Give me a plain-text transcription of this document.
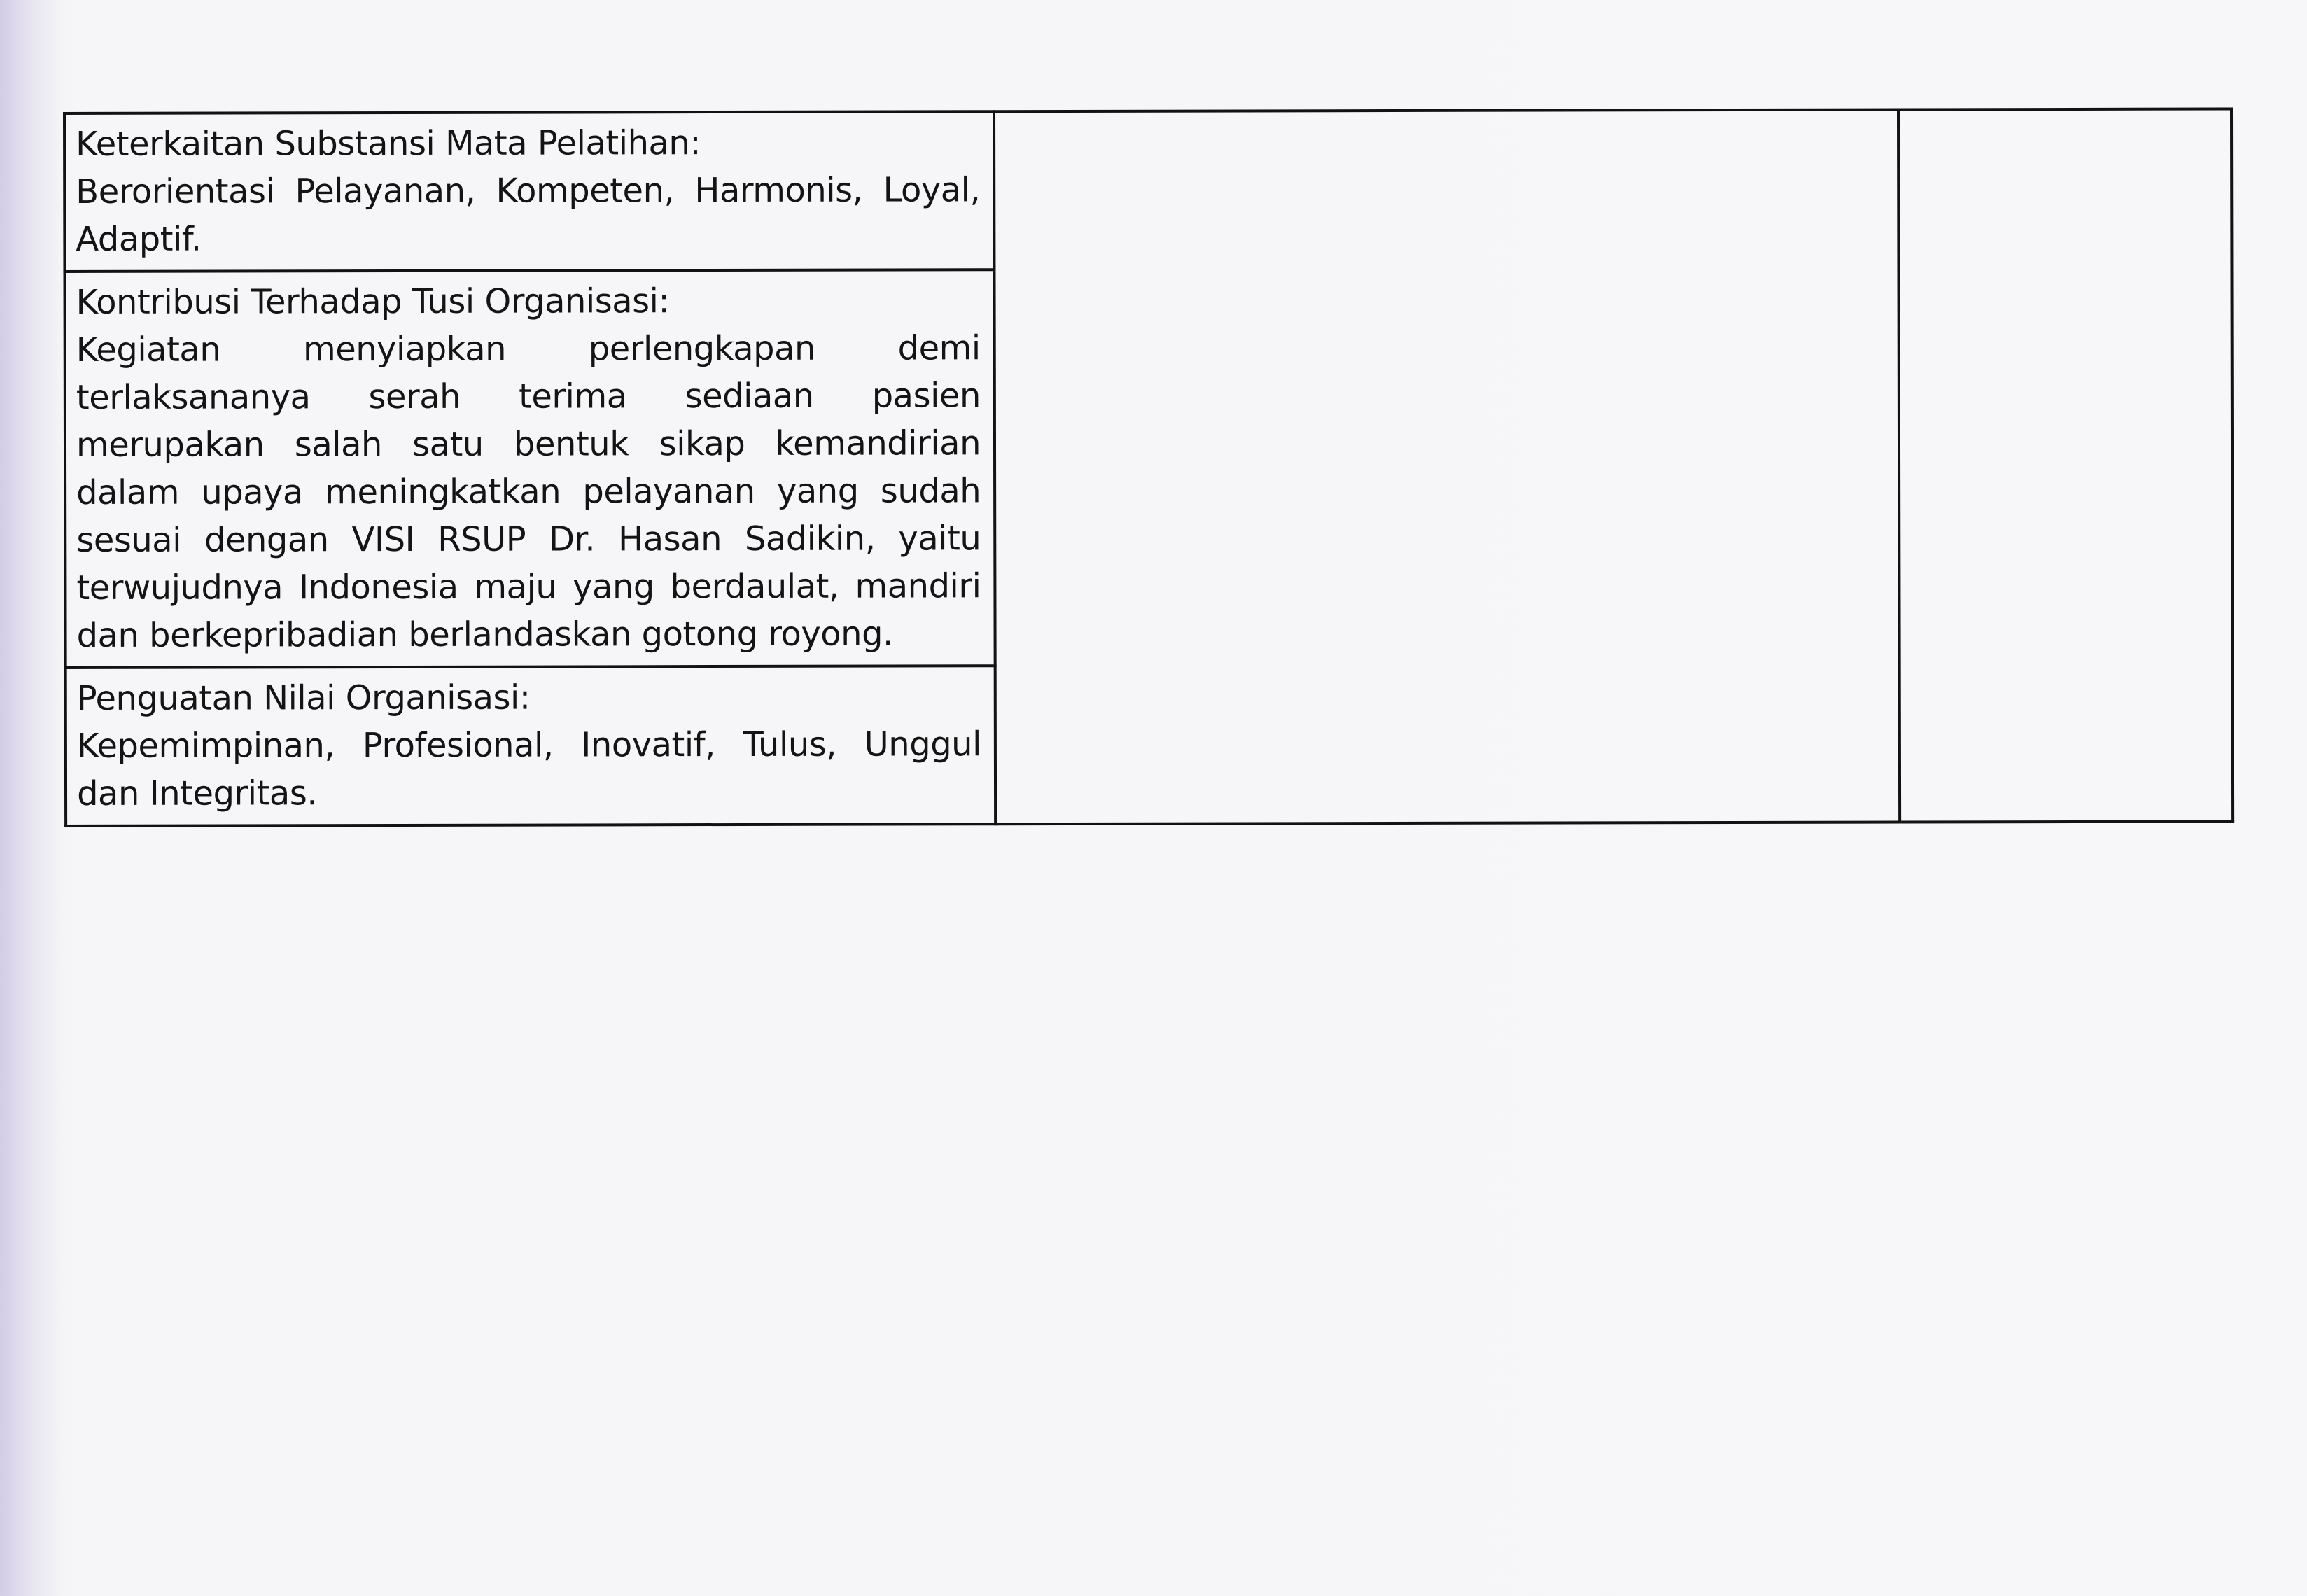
Keterkaitan Substansi Mata Pelatihan:
Berorientasi Pelayanan, Kompeten, Harmonis, Loyal, Adaptif.

Kontribusi Terhadap Tusi Organisasi:
Kegiatan menyiapkan perlengkapan demi terlaksananya serah terima sediaan pasien merupakan salah satu bentuk sikap kemandirian dalam upaya meningkatkan pelayanan yang sudah sesuai dengan VISI RSUP Dr. Hasan Sadikin, yaitu terwujudnya Indonesia maju yang berdaulat, mandiri dan berkepribadian berlandaskan gotong royong.

Penguatan Nilai Organisasi:
Kepemimpinan, Profesional, Inovatif, Tulus, Unggul dan Integritas.
